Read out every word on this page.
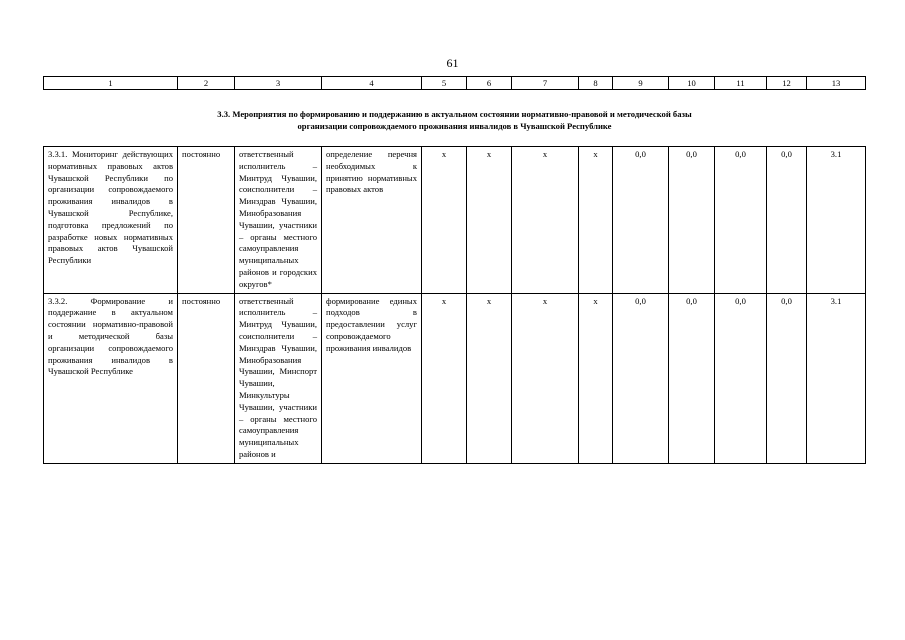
61
1	2	3	4	5	6	7	8	9	10	11	12	13

3.3. Мероприятия по формированию и поддержанию в актуальном состоянии нормативно-правовой и методической базы
организации сопровождаемого проживания инвалидов в Чувашской Республике												

3.3.1. Мониторинг действующих нормативных правовых актов Чувашской Республики по организации сопровождаемого проживания инвалидов в Чувашской Республике, подготовка предложений по разработке новых нормативных правовых актов Чувашской Республики	постоянно	ответственный исполнитель – Минтруд Чувашии, соисполнители – Минздрав Чувашии, Минобразования Чувашии, участники – органы местного самоуправления муниципальных районов и городских округов*	определение перечня необходимых к принятию нормативных правовых актов	х	х	х	х	0,0	0,0	0,0	0,0	3.1
3.3.2. Формирование и поддержание в актуальном состоянии нормативно-правовой и методической базы организации сопровождаемого проживания инвалидов в Чувашской Республике	постоянно	ответственный исполнитель – Минтруд Чувашии, соисполнители – Минздрав Чувашии, Минобразования Чувашии, Минспорт Чувашии, Минкультуры Чувашии, участники – органы местного самоуправления муниципальных районов и	формирование единых подходов в предоставлении услуг сопровождаемого проживания инвалидов	х	х	х	х	0,0	0,0	0,0	0,0	3.1
